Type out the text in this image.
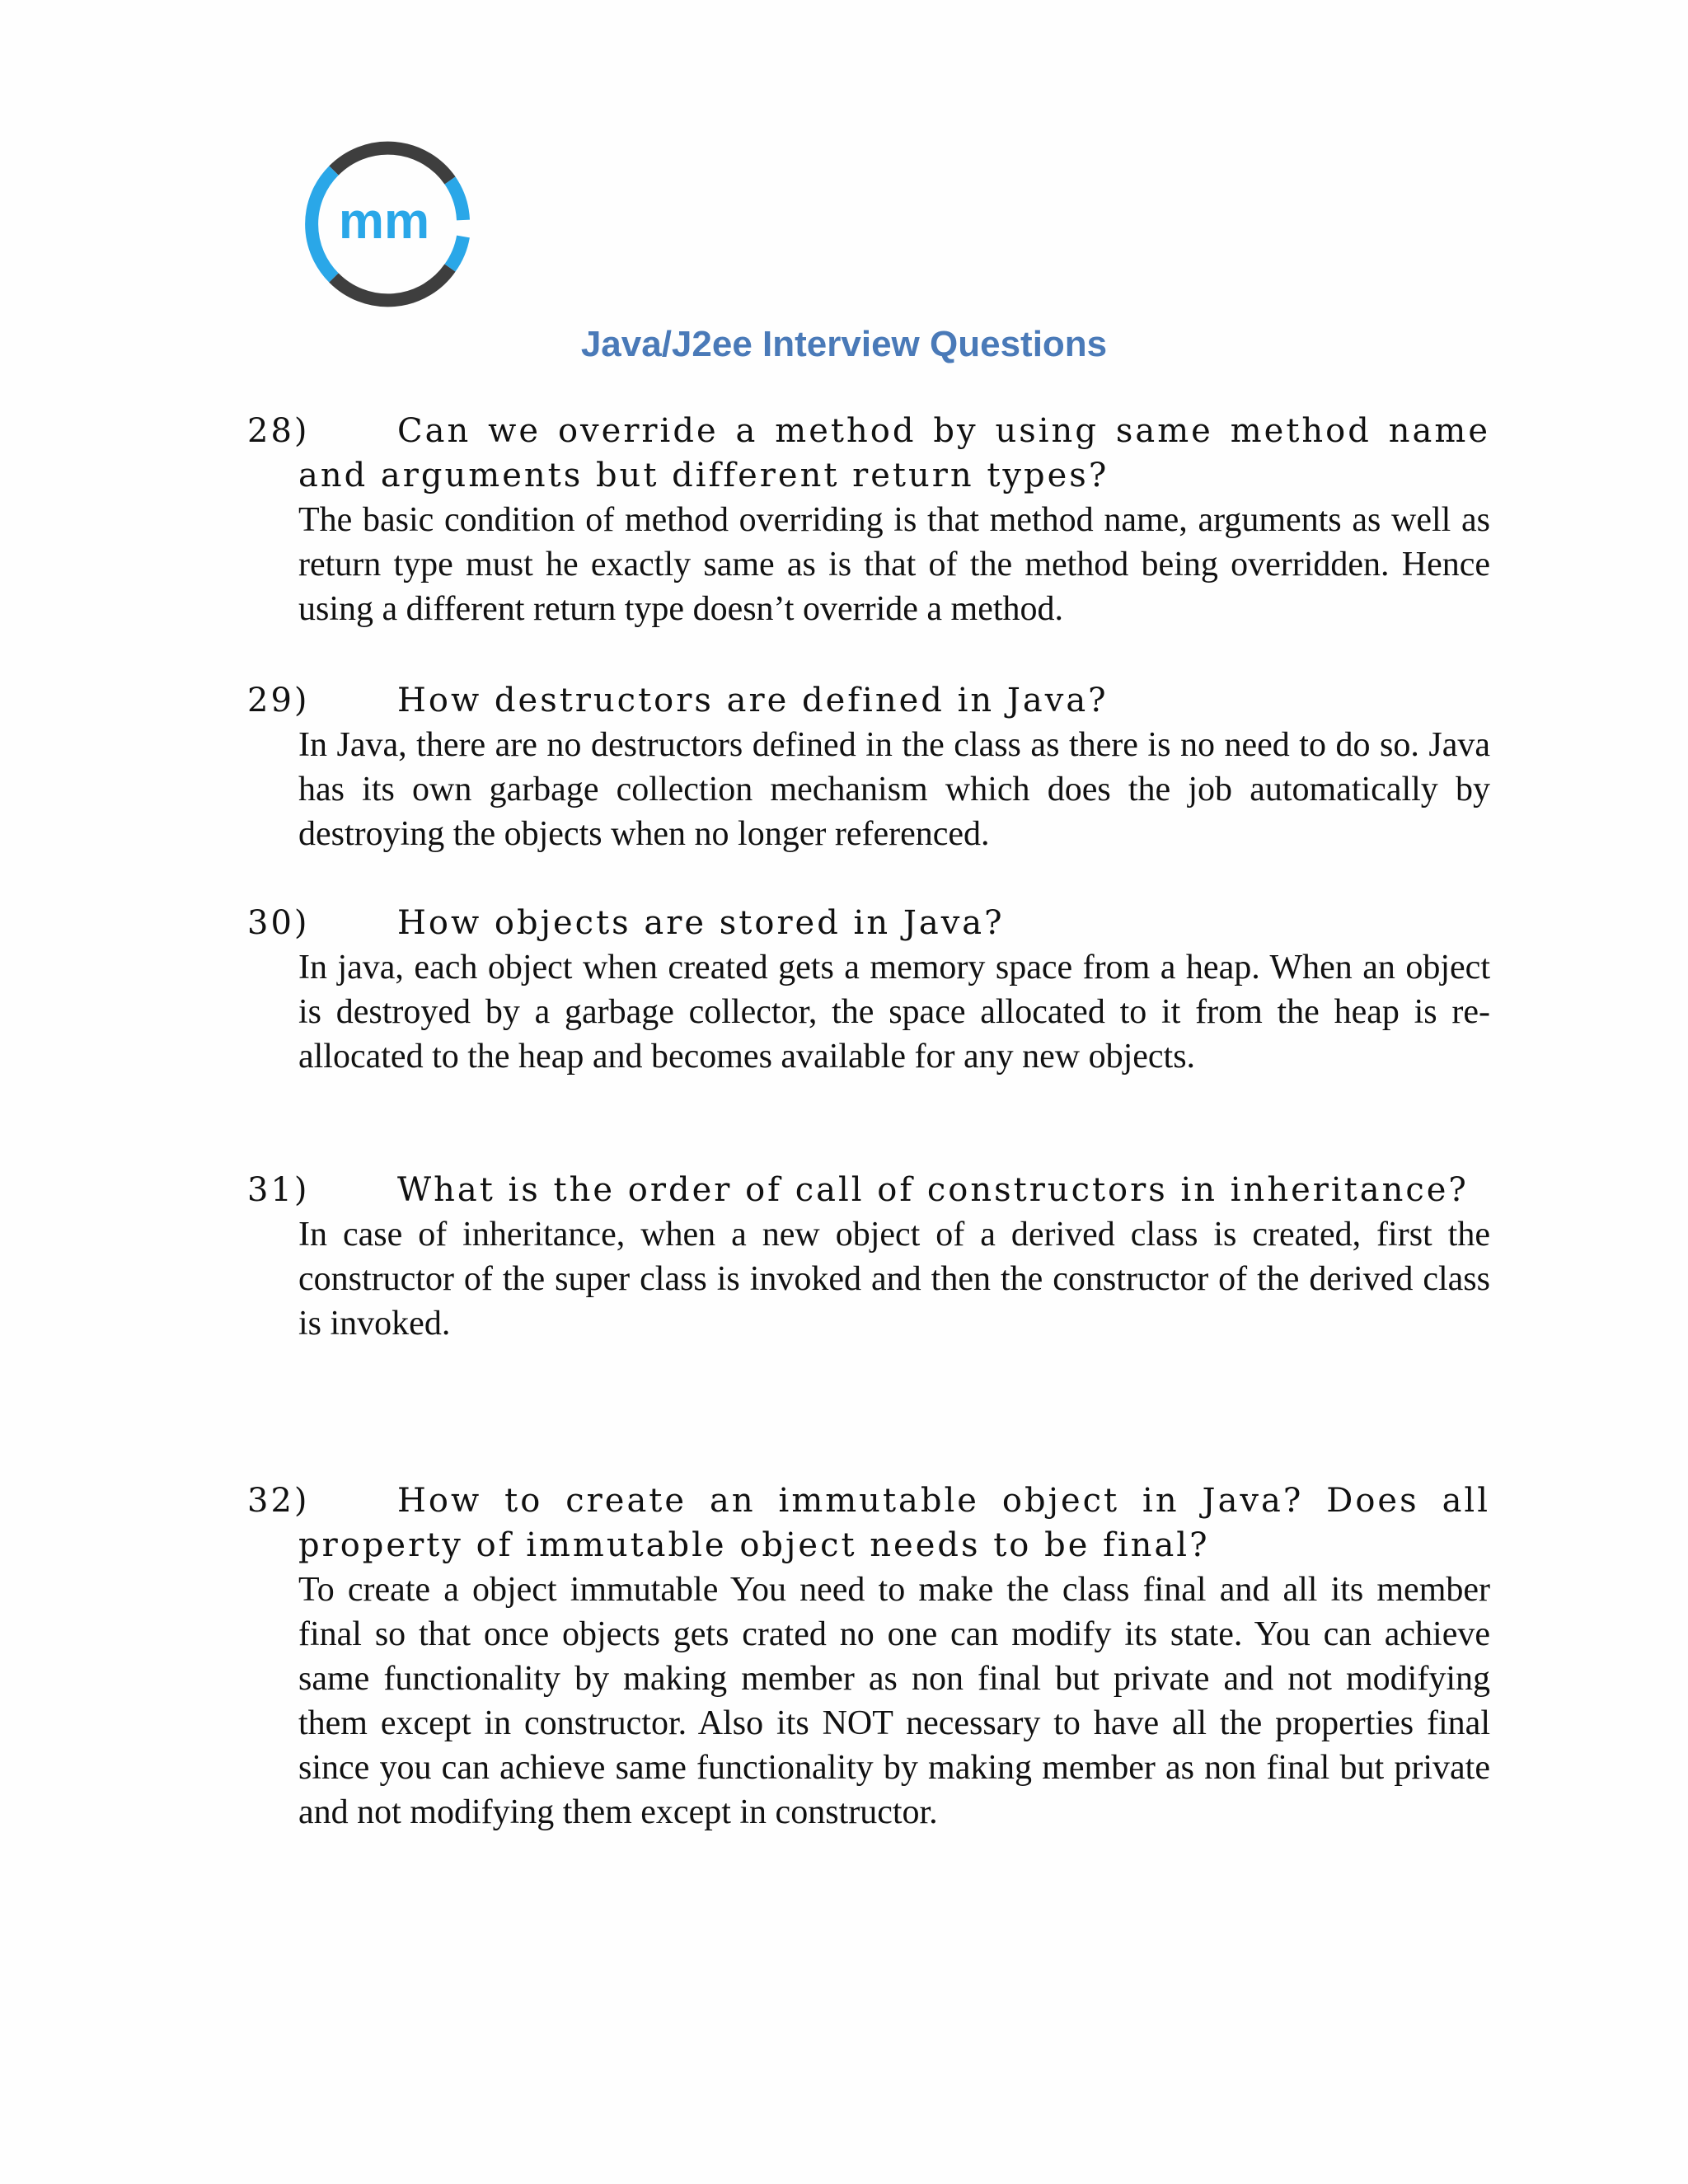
mm
Java/J2ee Interview Questions
28)	Can we override a method by using same method name and arguments but different return types?
The basic condition of method overriding is that method name, arguments as well as return type must he exactly same as is that of the method being overridden. Hence using a different return type doesn’t override a method.
29)	How destructors are defined in Java?
In Java, there are no destructors defined in the class as there is no need to do so. Java has its own garbage collection mechanism which does the job automatically by destroying the objects when no longer referenced.
30)	How objects are stored in Java?
In java, each object when created gets a memory space from a heap. When an object is destroyed by a garbage collector, the space allocated to it from the heap is re-allocated to the heap and becomes available for any new objects.
31)	What is the order of call of constructors in inheritance?
In case of inheritance, when a new object of a derived class is created, first the constructor of the super class is invoked and then the constructor of the derived class is invoked.
32)	How to create an immutable object in Java? Does all property of immutable object needs to be final?
To create a object immutable You need to make the class final and all its member final so that once objects gets crated no one can modify its state. You can achieve same functionality by making member as non final but private and not modifying them except in constructor. Also its NOT necessary to have all the properties final since you can achieve same functionality by making member as non final but private and not modifying them except in constructor.
